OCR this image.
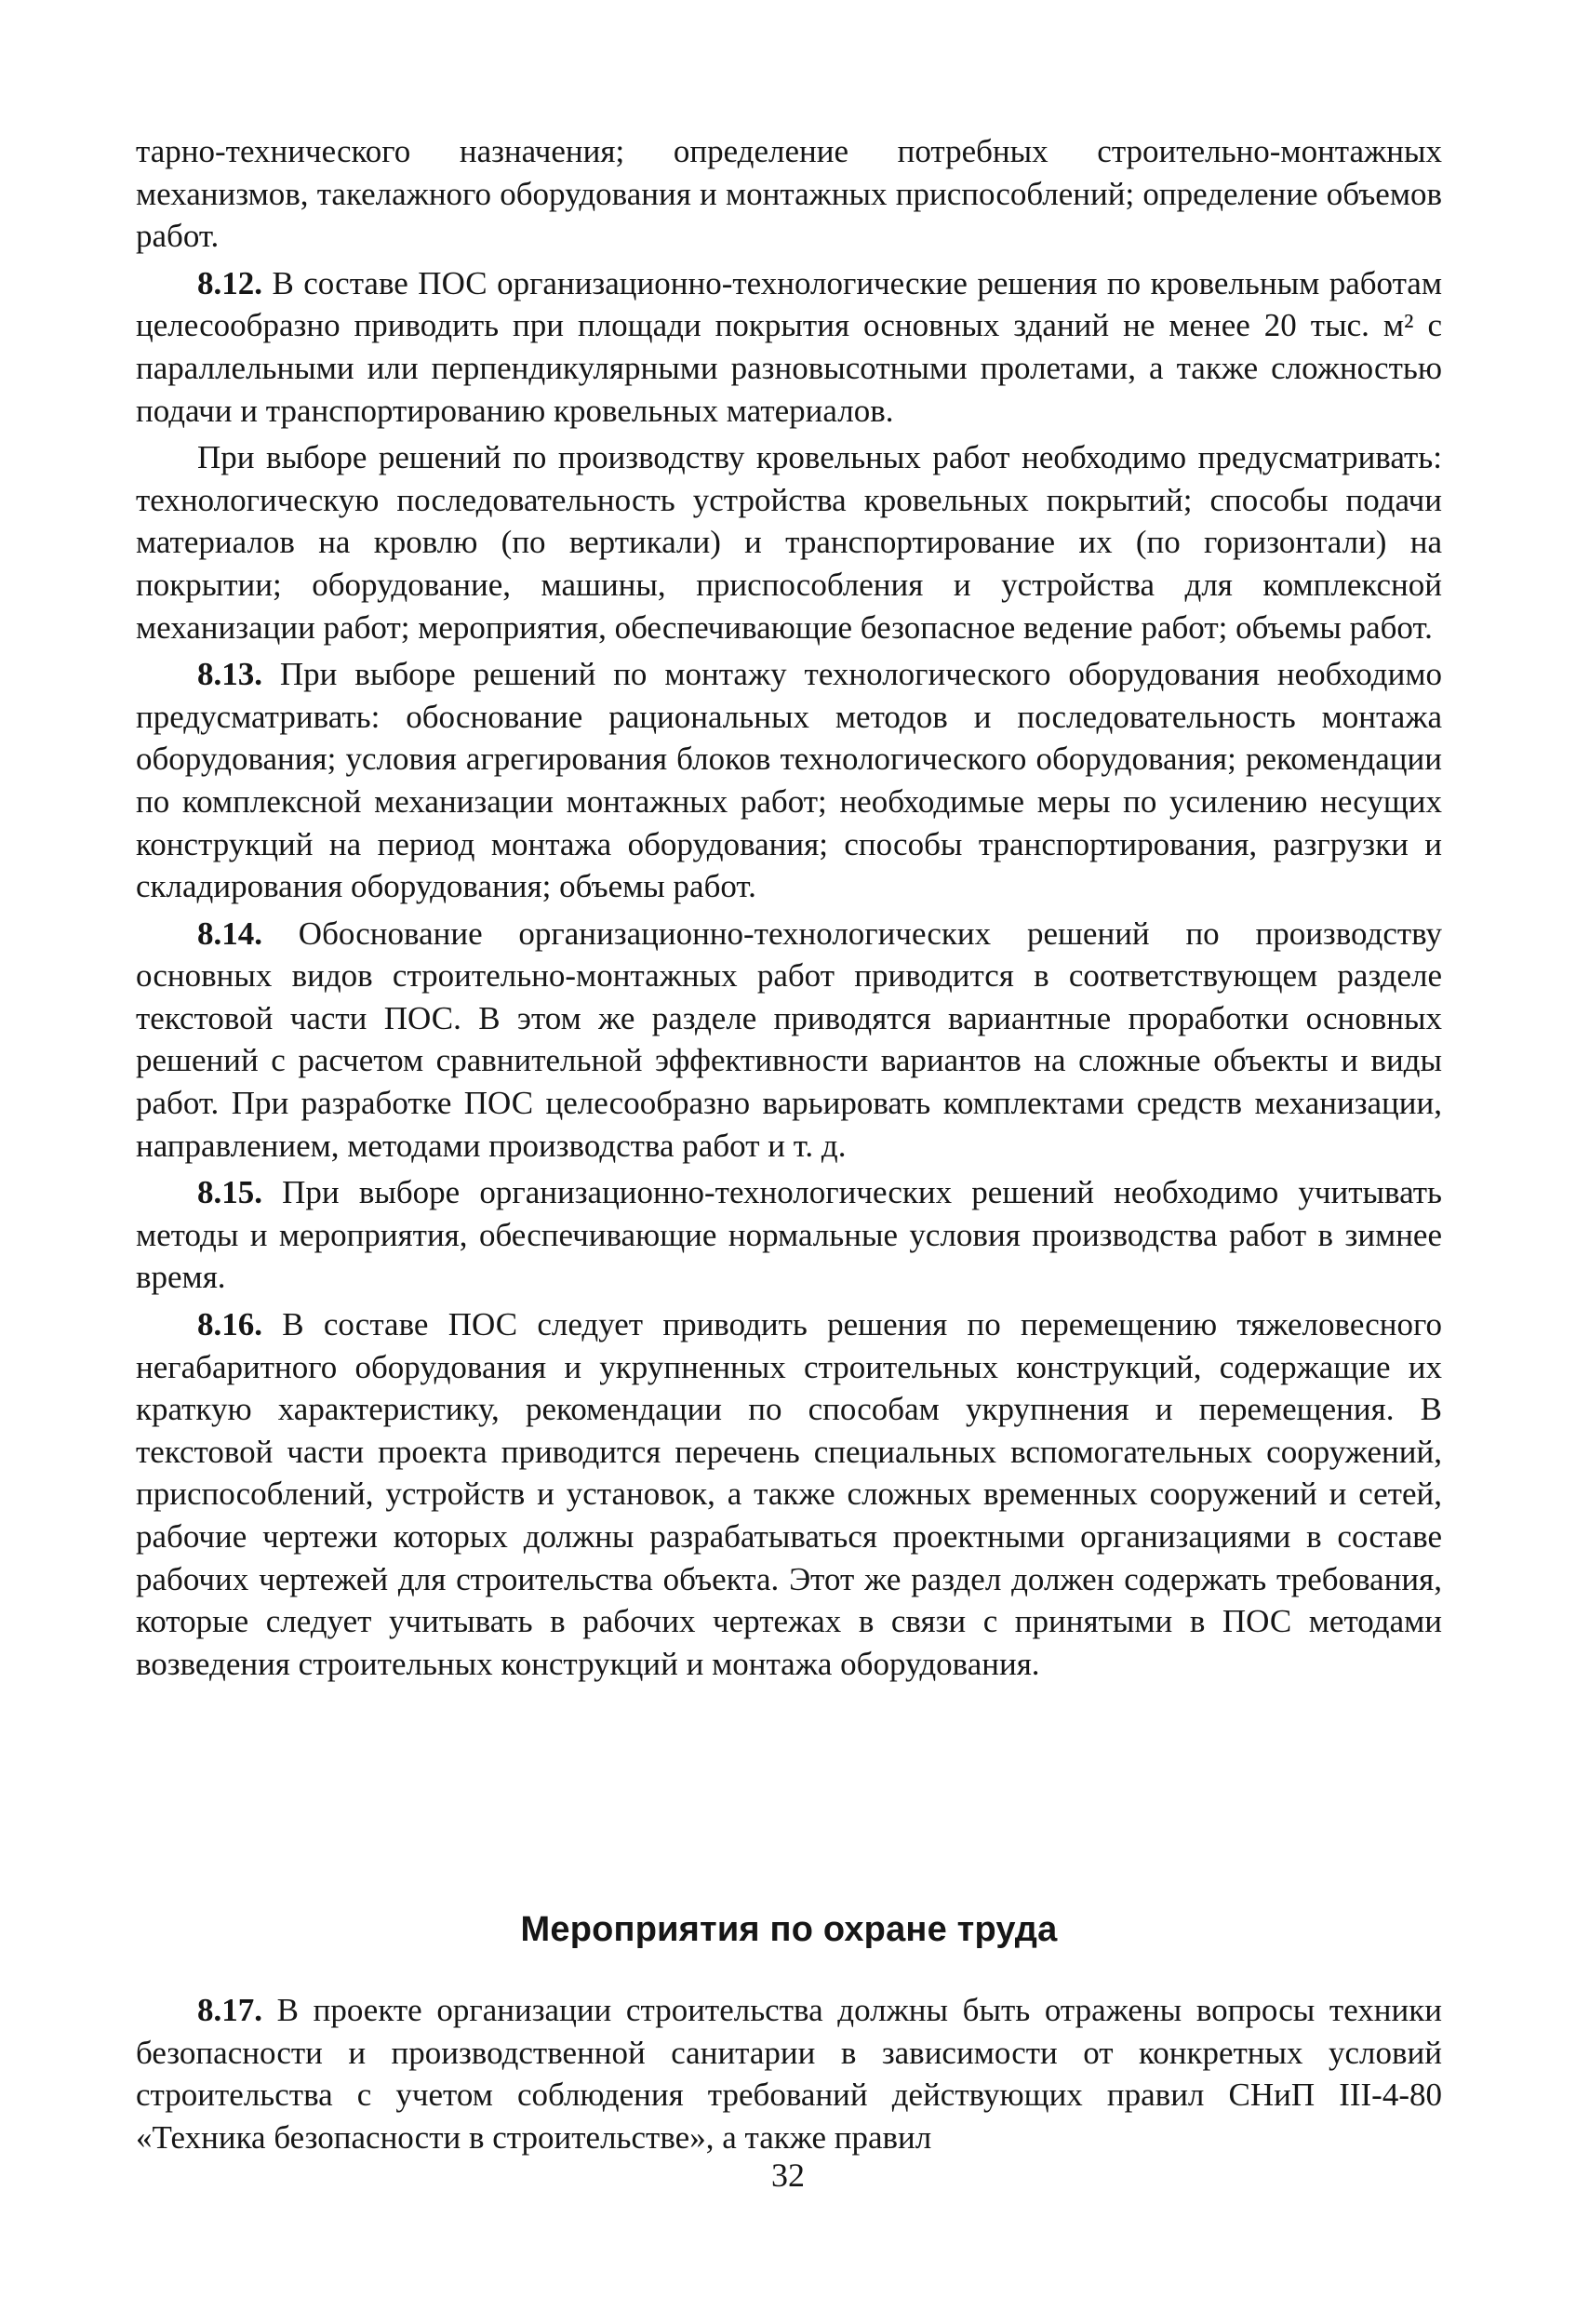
тарно-технического назначения; определение потребных строительно-монтажных механизмов, такелажного оборудования и монтажных приспособлений; определение объемов работ.

8.12. В составе ПОС организационно-технологические решения по кровельным работам целесообразно приводить при площади покрытия основных зданий не менее 20 тыс. м² с параллельными или перпендикулярными разновысотными пролетами, а также сложностью подачи и транспортированию кровельных материалов.

При выборе решений по производству кровельных работ необходимо предусматривать: технологическую последовательность устройства кровельных покрытий; способы подачи материалов на кровлю (по вертикали) и транспортирование их (по горизонтали) на покрытии; оборудование, машины, приспособления и устройства для комплексной механизации работ; мероприятия, обеспечивающие безопасное ведение работ; объемы работ.

8.13. При выборе решений по монтажу технологического оборудования необходимо предусматривать: обоснование рациональных методов и последовательность монтажа оборудования; условия агрегирования блоков технологического оборудования; рекомендации по комплексной механизации монтажных работ; необходимые меры по усилению несущих конструкций на период монтажа оборудования; способы транспортирования, разгрузки и складирования оборудования; объемы работ.

8.14. Обоснование организационно-технологических решений по производству основных видов строительно-монтажных работ приводится в соответствующем разделе текстовой части ПОС. В этом же разделе приводятся вариантные проработки основных решений с расчетом сравнительной эффективности вариантов на сложные объекты и виды работ. При разработке ПОС целесообразно варьировать комплектами средств механизации, направлением, методами производства работ и т. д.

8.15. При выборе организационно-технологических решений необходимо учитывать методы и мероприятия, обеспечивающие нормальные условия производства работ в зимнее время.

8.16. В составе ПОС следует приводить решения по перемещению тяжеловесного негабаритного оборудования и укрупненных строительных конструкций, содержащие их краткую характеристику, рекомендации по способам укрупнения и перемещения. В текстовой части проекта приводится перечень специальных вспомогательных сооружений, приспособлений, устройств и установок, а также сложных временных сооружений и сетей, рабочие чертежи которых должны разрабатываться проектными организациями в составе рабочих чертежей для строительства объекта. Этот же раздел должен содержать требования, которые следует учитывать в рабочих чертежах в связи с принятыми в ПОС методами возведения строительных конструкций и монтажа оборудования.

Мероприятия по охране труда

8.17. В проекте организации строительства должны быть отражены вопросы техники безопасности и производственной санитарии в зависимости от конкретных условий строительства с учетом соблюдения требований действующих правил СНиП III-4-80 «Техника безопасности в строительстве», а также правил

32
